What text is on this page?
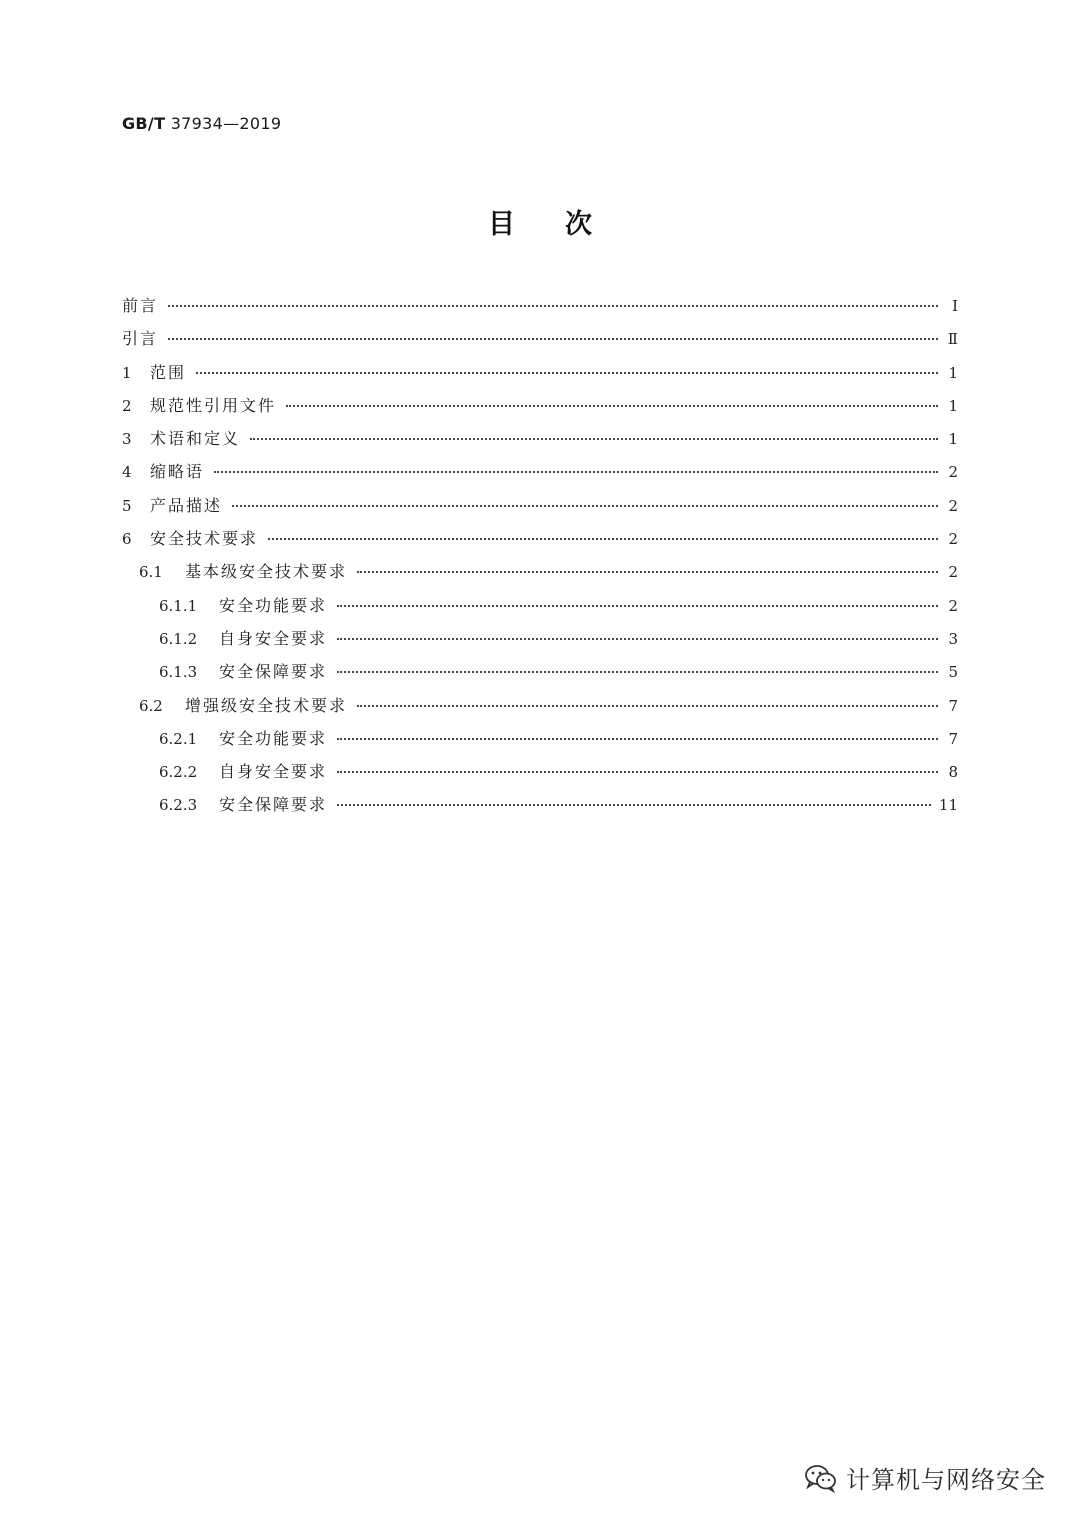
GB/T 37934—2019
目次
前言	Ⅰ
引言	Ⅱ
1	范围	1
2	规范性引用文件	1
3	术语和定义	1
4	缩略语	2
5	产品描述	2
6	安全技术要求	2
6.1	基本级安全技术要求	2
6.1.1	安全功能要求	2
6.1.2	自身安全要求	3
6.1.3	安全保障要求	5
6.2	增强级安全技术要求	7
6.2.1	安全功能要求	7
6.2.2	自身安全要求	8
6.2.3	安全保障要求	11
计算机与网络安全
